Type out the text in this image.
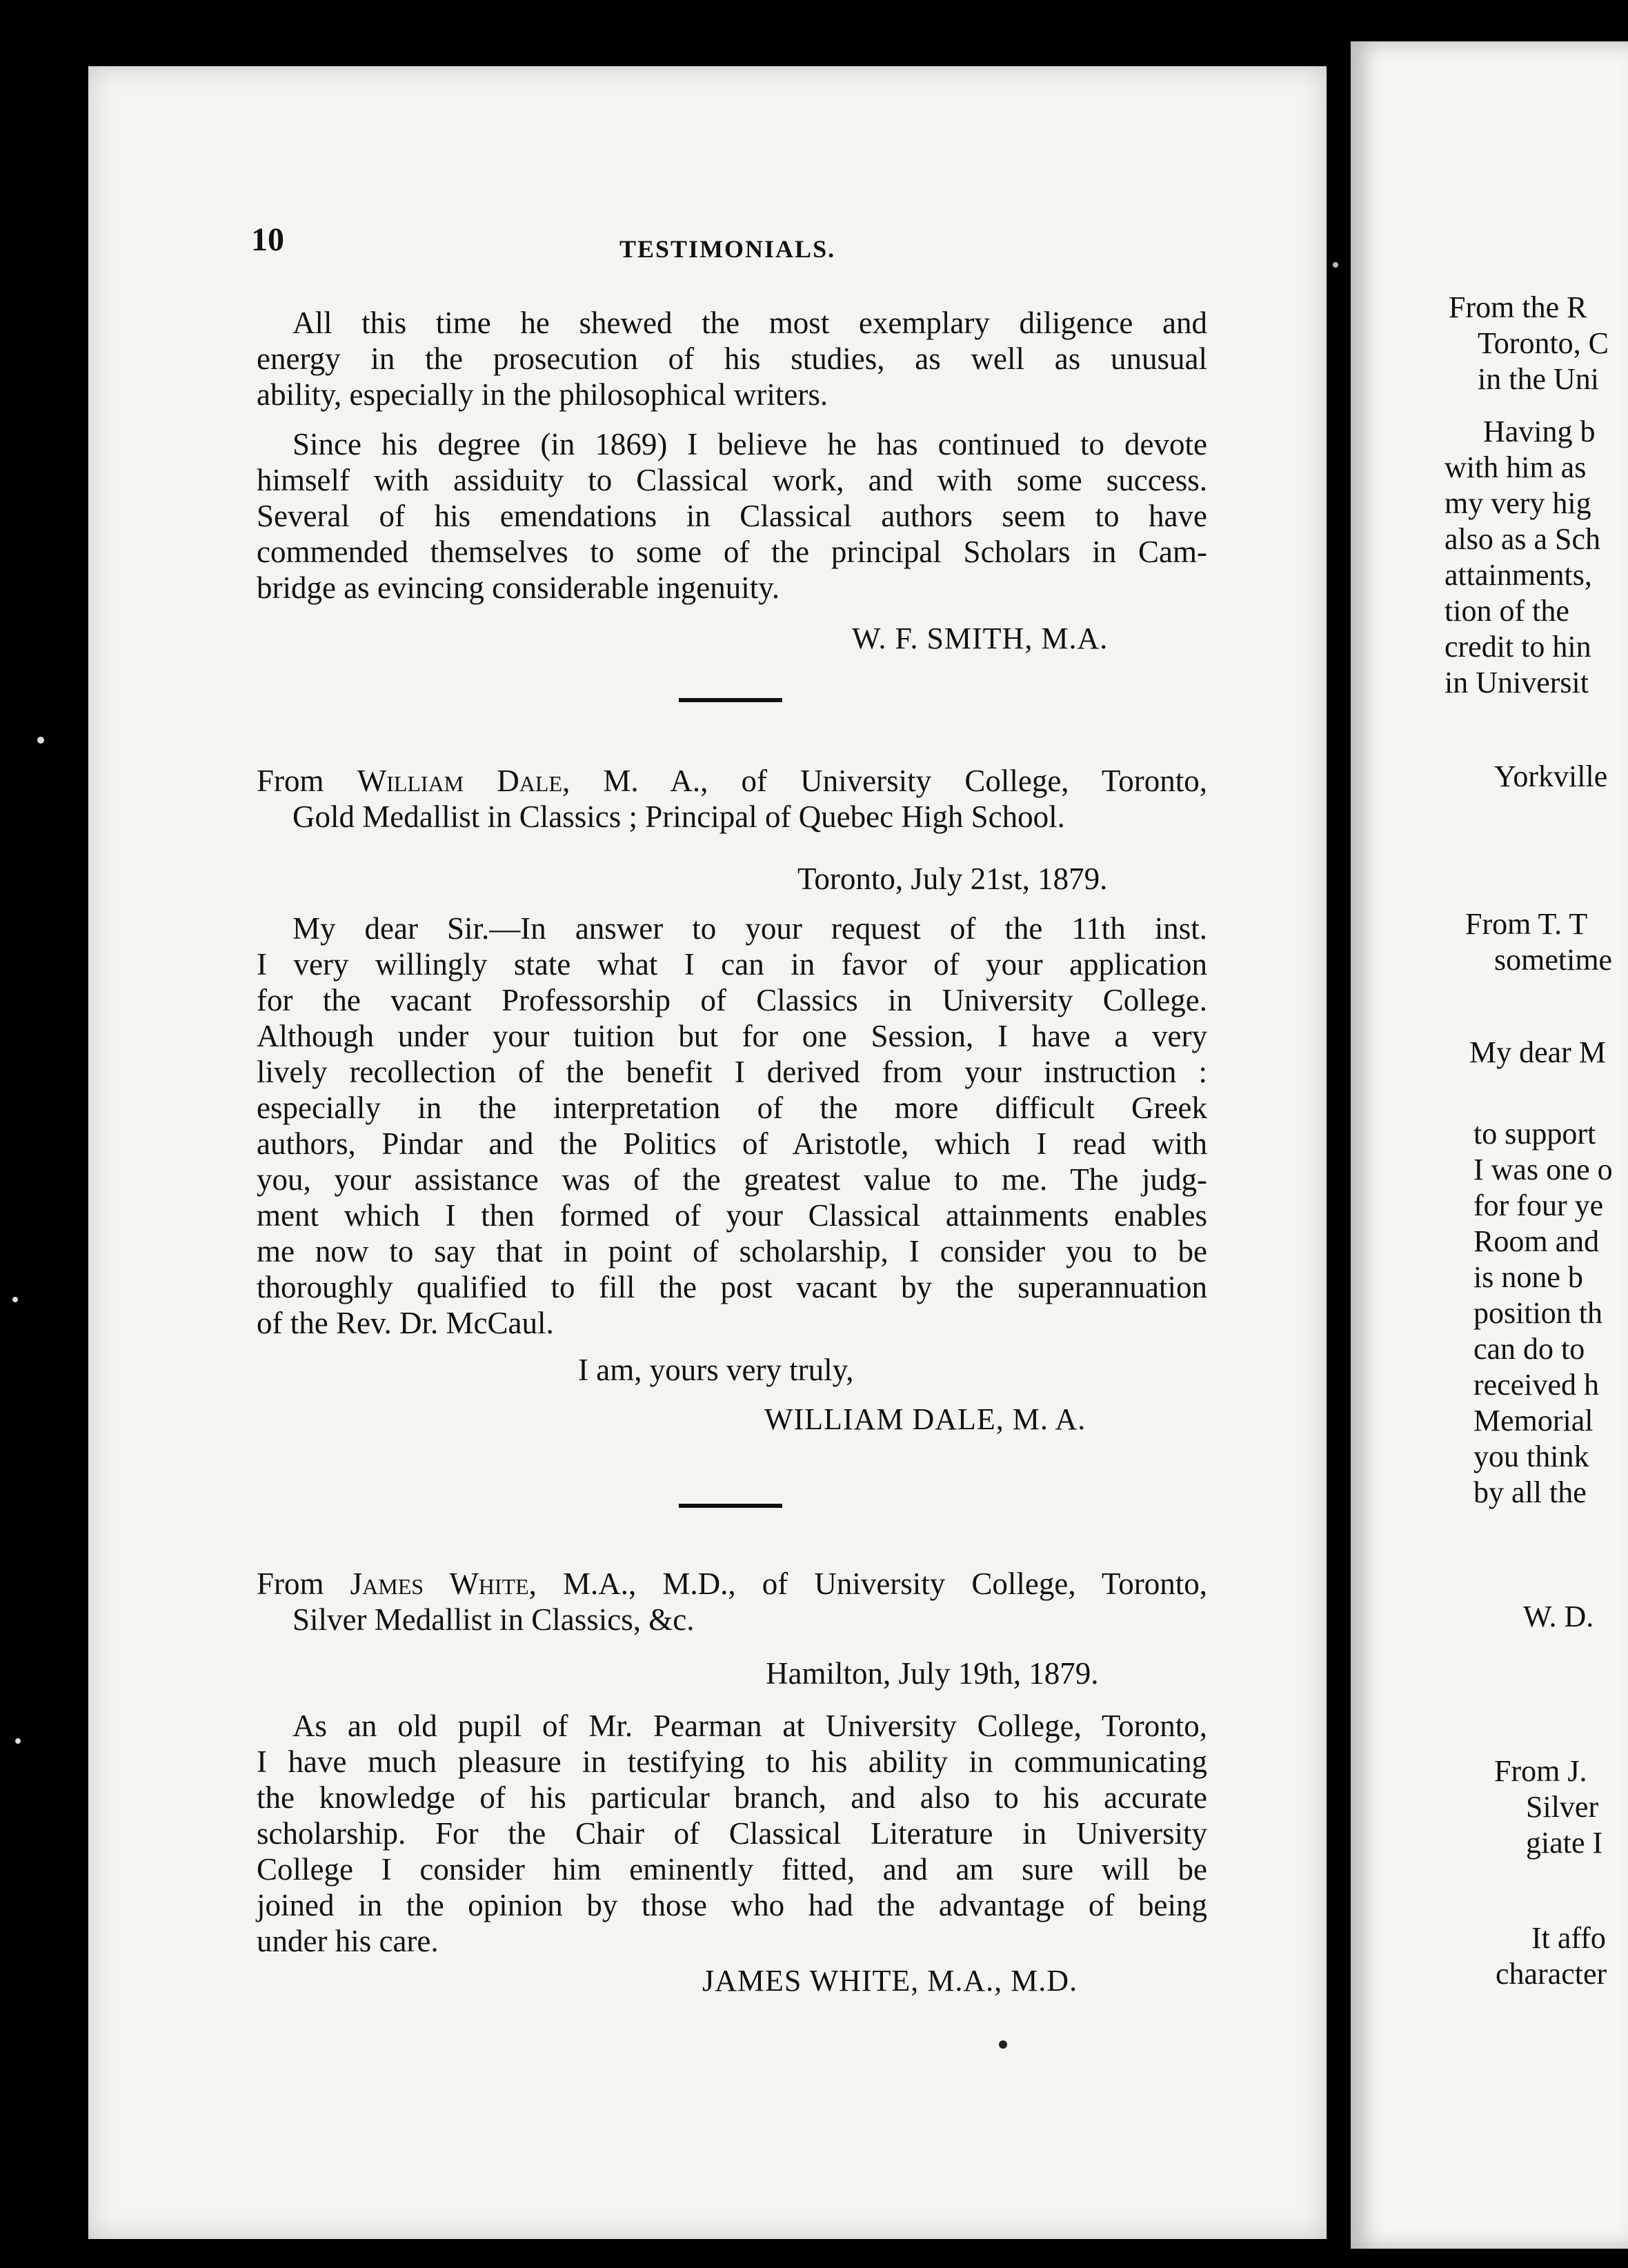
10	TESTIMONIALS.
All this time he shewed the most exemplary diligence and
energy in the prosecution of his studies, as well as unusual
ability, especially in the philosophical writers.
Since his degree (in 1869) I believe he has continued to devote
himself with assiduity to Classical work, and with some success.
Several of his emendations in Classical authors seem to have
commended themselves to some of the principal Scholars in Cam-
bridge as evincing considerable ingenuity.
W. F. SMITH, M.A.
From William Dale, M. A., of University College, Toronto,
Gold Medallist in Classics ; Principal of Quebec High School.
Toronto, July 21st, 1879.
My dear Sir.—In answer to your request of the 11th inst.
I very willingly state what I can in favor of your application
for the vacant Professorship of Classics in University College.
Although under your tuition but for one Session, I have a very
lively recollection of the benefit I derived from your instruction :
especially in the interpretation of the more difficult Greek
authors, Pindar and the Politics of Aristotle, which I read with
you, your assistance was of the greatest value to me. The judg-
ment which I then formed of your Classical attainments enables
me now to say that in point of scholarship, I consider you to be
thoroughly qualified to fill the post vacant by the superannuation
of the Rev. Dr. McCaul.
I am, yours very truly,
WILLIAM DALE, M. A.
From James White, M.A., M.D., of University College, Toronto,
Silver Medallist in Classics, &c.
Hamilton, July 19th, 1879.
As an old pupil of Mr. Pearman at University College, Toronto,
I have much pleasure in testifying to his ability in communicating
the knowledge of his particular branch, and also to his accurate
scholarship. For the Chair of Classical Literature in University
College I consider him eminently fitted, and am sure will be
joined in the opinion by those who had the advantage of being
under his care.
JAMES WHITE, M.A., M.D.
From the R
Toronto, C
in the Uni
Having b
with him as
my very hig
also as a Sch
attainments,
tion of the
credit to hin
in Universit
Yorkville
From T. T
sometime
My dear M
to support
I was one o
for four ye
Room and
is none b
position th
can do to
received h
Memorial
you think
by all the
W. D.
From J.
Silver
giate I
It affo
character
